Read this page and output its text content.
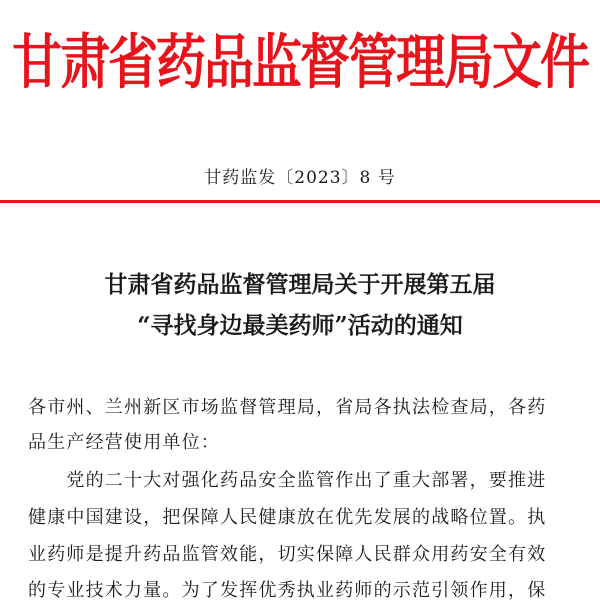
甘肃省药品监督管理局文件
甘药监发〔2023〕8 号
甘肃省药品监督管理局关于开展第五届
“寻找身边最美药师”活动的通知
各市州、兰州新区市场监督管理局，省局各执法检查局，各药
品生产经营使用单位：
　　党的二十大对强化药品安全监管作出了重大部署，要推进
健康中国建设，把保障人民健康放在优先发展的战略位置。执
业药师是提升药品监管效能，切实保障人民群众用药安全有效
的专业技术力量。为了发挥优秀执业药师的示范引领作用，保
